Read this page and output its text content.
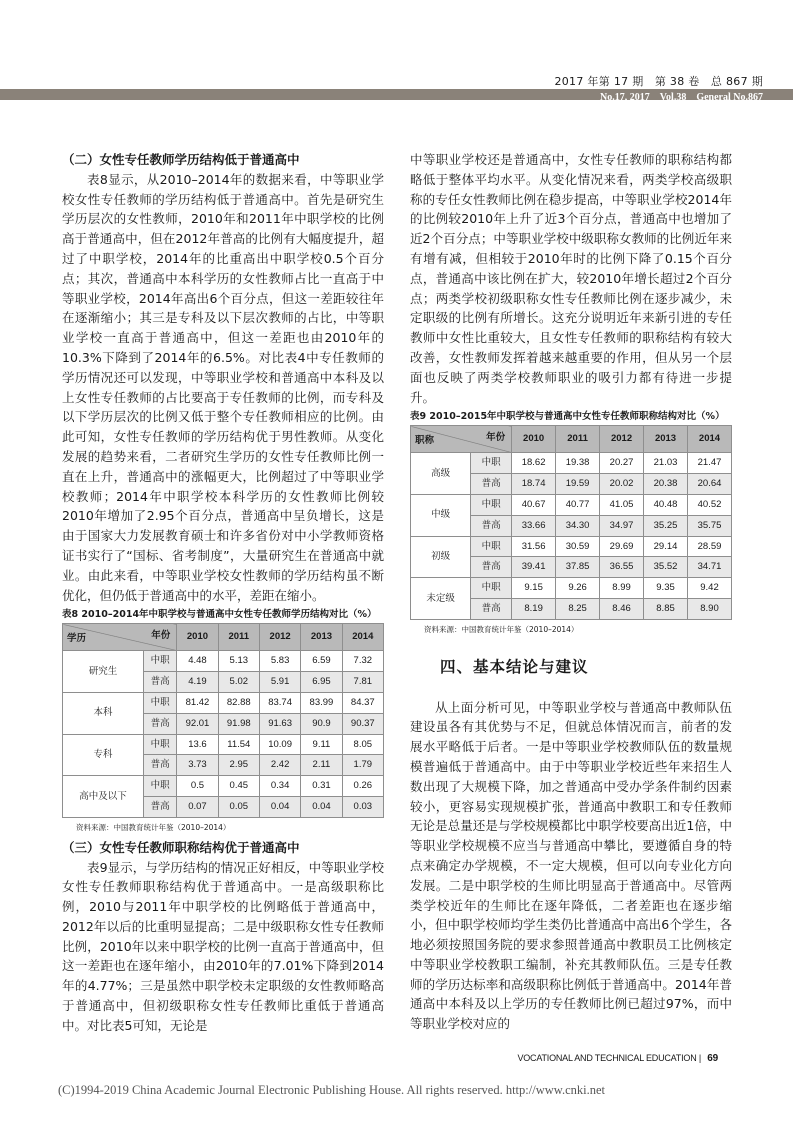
2017 年第 17 期　第 38 卷　总 867 期
No.17, 2017　Vol.38　General No.867
（二）女性专任教师学历结构低于普通高中

表8显示，从2010–2014年的数据来看，中等职业学校女性专任教师的学历结构低于普通高中。首先是研究生学历层次的女性教师，2010年和2011年中职学校的比例高于普通高中，但在2012年普高的比例有大幅度提升，超过了中职学校，2014年的比重高出中职学校0.5个百分点；其次，普通高中本科学历的女性教师占比一直高于中等职业学校，2014年高出6个百分点，但这一差距较往年在逐渐缩小；其三是专科及以下层次教师的占比，中等职业学校一直高于普通高中，但这一差距也由2010年的10.3%下降到了2014年的6.5%。对比表4中专任教师的学历情况还可以发现，中等职业学校和普通高中本科及以上女性专任教师的占比要高于专任教师的比例，而专科及以下学历层次的比例又低于整个专任教师相应的比例。由此可知，女性专任教师的学历结构优于男性教师。从变化发展的趋势来看，二者研究生学历的女性专任教师比例一直在上升，普通高中的涨幅更大，比例超过了中等职业学校教师；2014年中职学校本科学历的女性教师比例较2010年增加了2.95个百分点，普通高中呈负增长，这是由于国家大力发展教育硕士和许多省份对中小学教师资格证书实行了“国标、省考制度”，大量研究生在普通高中就业。由此来看，中等职业学校女性教师的学历结构虽不断优化，但仍低于普通高中的水平，差距在缩小。

表8 2010–2014年中职学校与普通高中女性专任教师学历结构对比（%）
年份
学历		2010	2011	2012	2013	2014
研究生	中职	4.48	5.13	5.83	6.59	7.32
	普高	4.19	5.02	5.91	6.95	7.81
本科	中职	81.42	82.88	83.74	83.99	84.37
	普高	92.01	91.98	91.63	90.9	90.37
专科	中职	13.6	11.54	10.09	9.11	8.05
	普高	3.73	2.95	2.42	2.11	1.79
高中及以下	中职	0.5	0.45	0.34	0.31	0.26
	普高	0.07	0.05	0.04	0.04	0.03
资料来源：中国教育统计年鉴（2010–2014）
（三）女性专任教师职称结构优于普通高中

表9显示，与学历结构的情况正好相反，中等职业学校女性专任教师职称结构优于普通高中。一是高级职称比例，2010与2011年中职学校的比例略低于普通高中，2012年以后的比重明显提高；二是中级职称女性专任教师比例，2010年以来中职学校的比例一直高于普通高中，但这一差距也在逐年缩小，由2010年的7.01%下降到2014年的4.77%；三是虽然中职学校未定职级的女性教师略高于普通高中，但初级职称女性专任教师比重低于普通高中。对比表5可知，无论是

中等职业学校还是普通高中，女性专任教师的职称结构都略低于整体平均水平。从变化情况来看，两类学校高级职称的专任女性教师比例在稳步提高，中等职业学校2014年的比例较2010年上升了近3个百分点，普通高中也增加了近2个百分点；中等职业学校中级职称女教师的比例近年来有增有减，但相较于2010年时的比例下降了0.15个百分点，普通高中该比例在扩大，较2010年增长超过2个百分点；两类学校初级职称女性专任教师比例在逐步减少，未定职级的比例有所增长。这充分说明近年来新引进的专任教师中女性比重较大，且女性专任教师的职称结构有较大改善，女性教师发挥着越来越重要的作用，但从另一个层面也反映了两类学校教师职业的吸引力都有待进一步提升。

表9 2010–2015年中职学校与普通高中女性专任教师职称结构对比（%）
年份
职称		2010	2011	2012	2013	2014
高级	中职	18.62	19.38	20.27	21.03	21.47
	普高	18.74	19.59	20.02	20.38	20.64
中级	中职	40.67	40.77	41.05	40.48	40.52
	普高	33.66	34.30	34.97	35.25	35.75
初级	中职	31.56	30.59	29.69	29.14	28.59
	普高	39.41	37.85	36.55	35.52	34.71
未定级	中职	9.15	9.26	8.99	9.35	9.42
	普高	8.19	8.25	8.46	8.85	8.90
资料来源：中国教育统计年鉴（2010–2014）
四、基本结论与建议

从上面分析可见，中等职业学校与普通高中教师队伍建设虽各有其优势与不足，但就总体情况而言，前者的发展水平略低于后者。一是中等职业学校教师队伍的数量规模普遍低于普通高中。由于中等职业学校近些年来招生人数出现了大规模下降，加之普通高中受办学条件制约因素较小，更容易实现规模扩张，普通高中教职工和专任教师无论是总量还是与学校规模都比中职学校要高出近1倍，中等职业学校规模不应当与普通高中攀比，要遵循自身的特点来确定办学规模，不一定大规模，但可以向专业化方向发展。二是中职学校的生师比明显高于普通高中。尽管两类学校近年的生师比在逐年降低，二者差距也在逐步缩小，但中职学校师均学生类仍比普通高中高出6个学生，各地必须按照国务院的要求参照普通高中教职员工比例核定中等职业学校教职工编制，补充其教师队伍。三是专任教师的学历达标率和高级职称比例低于普通高中。2014年普通高中本科及以上学历的专任教师比例已超过97%，而中等职业学校对应的

VOCATIONAL AND TECHNICAL EDUCATION | 69
(C)1994-2019 China Academic Journal Electronic Publishing House. All rights reserved. http://www.cnki.net
